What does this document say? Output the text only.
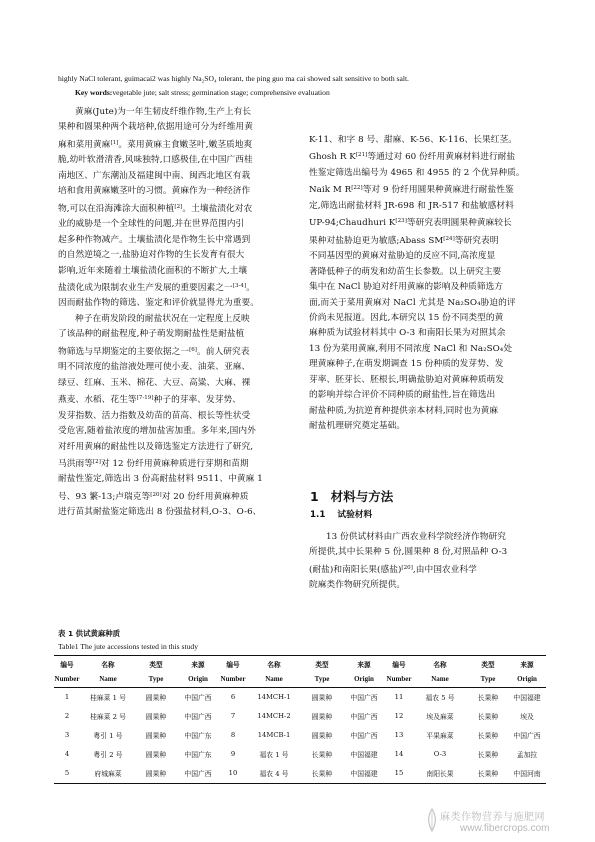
highly NaCl tolerant, guimacai2 was highly Na₂SO₄ tolerant, the ping guo ma cai showed salt sensitive to both salt.
Key words:vegetable jute; salt stress; germination stage; comprehensive evaluation
黄麻(Jute)为一年生韧皮纤维作物,生产上有长
果种和圆果种两个栽培种,依据用途可分为纤维用黄
麻和菜用黄麻[1]。菜用黄麻主食嫩茎叶,嫩茎质地爽
脆,幼叶软滑清香,风味独特,口感极佳,在中国广西桂
南地区、广东潮汕及福建闽中南、闽西北地区有栽
培和食用黄麻嫩茎叶的习惯。黄麻作为一种经济作
物,可以在沿海滩涂大面积种植[2]。土壤盐渍化对农
业的威胁是一个全球性的问题,并在世界范围内引
起多种作物减产。土壤盐渍化是作物生长中常遇到
的自然逆境之一,盐胁迫对作物的生长发育有很大
影响,近年来随着土壤盐渍化面积的不断扩大,土壤
盐渍化成为限制农业生产发展的重要因素之一[3-4]。
因而耐盐作物的筛选、鉴定和评价就显得尤为重要。
种子在萌发阶段的耐盐状况在一定程度上反映
了该品种的耐盐程度,种子萌发期耐盐性是耐盐植
物筛选与早期鉴定的主要依据之一[6]。前人研究表
明不同浓度的盐溶液处理可使小麦、油菜、亚麻、
绿豆、红麻、玉米、棉花、大豆、高粱、大麻、裸
燕麦、水稻、花生等[7-19]种子的芽率、发芽势、
发芽指数、活力指数及幼苗的苗高、根长等性状受
受危害,随着盐浓度的增加盐害加重。多年来,国内外
对纤用黄麻的耐盐性以及筛选鉴定方法进行了研究,
马洪雨等[2]对 12 份纤用黄麻种质进行芽期和苗期
耐盐性鉴定,筛选出 3 份高耐盐材料 9511、中黄麻 1
号、93 繁-13;卢瑞克等[20]对 20 份纤用黄麻种质
进行苗其耐盐鉴定筛选出 8 份强盐材料,O-3、O-6、
K-11、和字 8 号、甜麻、K-56、K-116、长果红茎。
Ghosh R K[21]等通过对 60 份纤用黄麻材料进行耐盐
性鉴定筛选出编号为 4965 和 4955 的 2 个优异种质。
Naik M R[22]等对 9 份纤用圆果种黄麻进行耐盐性鉴
定,筛选出耐盐材料 JR-698 和 JR-517 和盐敏感材料
UP-94;Chaudhuri K[23]等研究表明圆果种黄麻较长
果种对盐胁迫更为敏感;Abass SM[24]等研究表明
不同基因型的黄麻对盐胁迫的反应不同,高浓度显
著降低种子的萌发和幼苗生长参数。以上研究主要
集中在 NaCl 胁迫对纤用黄麻的影响及种质筛选方
面,而关于菜用黄麻对 NaCl 尤其是 Na₂SO₄胁迫的评
价尚未见报道。因此,本研究以 15 份不同类型的黄
麻种质为试验材料其中 O-3 和南阳长果为对照其余
13 份为菜用黄麻,利用不同浓度 NaCl 和 Na₂SO₄处
理黄麻种子,在萌发期调查 15 份种质的发芽势、发
芽率、胚芽长、胚根长,明确盐胁迫对黄麻种质萌发
的影响并综合评价不同种质的耐盐性,旨在筛选出
耐盐种质,为抗逆育种提供亲本材料,同时也为黄麻
耐盐机理研究奠定基础。
1 材料与方法
1.1 试验材料
13 份供试材料由广西农业科学院经济作物研究
所提供,其中长果种 5 份,圆果种 8 份,对照品种 O-3
(耐盐)和南阳长果(感盐)[20],由中国农业科学
院麻类作物研究所提供。
表 1 供试黄麻种质
Table1 The jute accessions tested in this study
编号	名称	类型	来源	编号	名称	类型	来源	编号	名称	类型	来源
Number	Name	Type	Origin	Number	Name	Type	Origin	Number	Name	Type	Origin
1	桂麻菜 1 号	圆果种	中国广西	6	14MCH-1	圆果种	中国广西	11	福农 5 号	长果种	中国福建
2	桂麻菜 2 号	圆果种	中国广西	7	14MCH-2	圆果种	中国广西	12	埃及麻菜	长果种	埃及
3	粤引 1 号	圆果种	中国广东	8	14MCB-1	圆果种	中国广西	13	平果麻菜	长果种	中国广西
4	粤引 2 号	圆果种	中国广东	9	福农 1 号	长果种	中国福建	14	O-3	长果种	孟加拉
5	府城麻菜	圆果种	中国广西	10	福农 4 号	长果种	中国福建	15	南阳长果	长果种	中国河南
麻类作物营养与施肥网
www.fibercrops.com
